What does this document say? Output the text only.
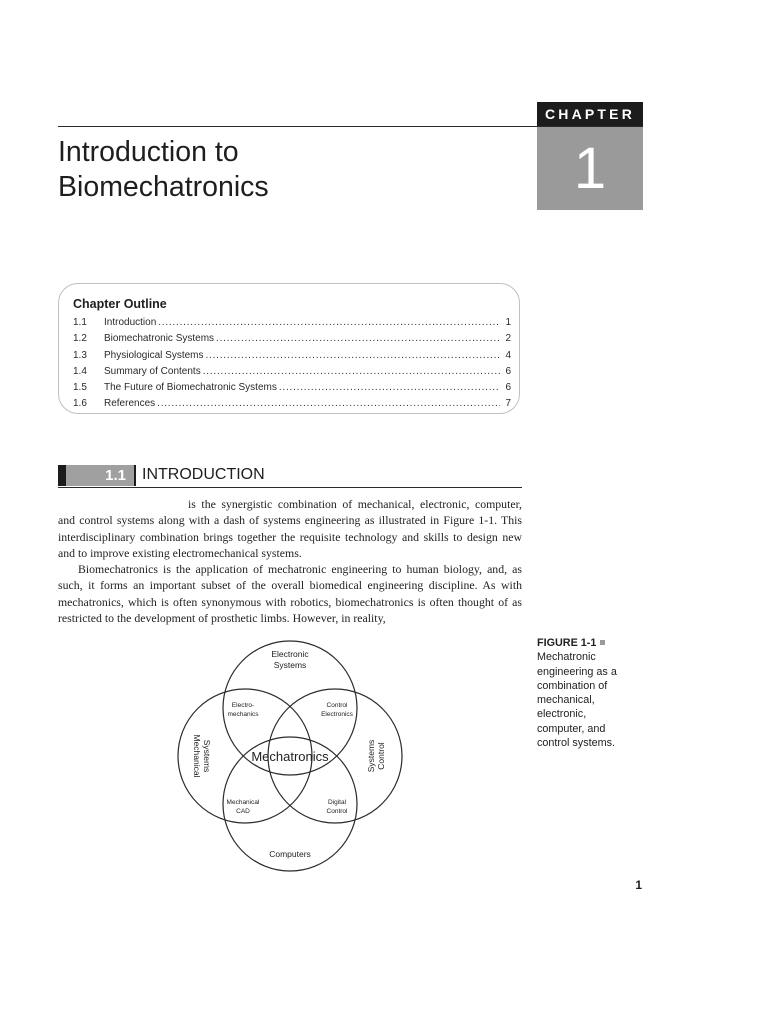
CHAPTER
1
Introduction to
Biomechatronics
Chapter Outline
1.1	Introduction . . .	1
1.2	Biomechatronic Systems . . .	2
1.3	Physiological Systems . . .	4
1.4	Summary of Contents . . .	6
1.5	The Future of Biomechatronic Systems . . .	6
1.6	References . . .	7
1.1	INTRODUCTION

is the synergistic combination of mechanical, electronic, computer, and control systems along with a dash of systems engineering as illustrated in Figure 1-1. This interdisciplinary combination brings together the requisite technology and skills to design new and to improve existing electromechanical systems.

Biomechatronics is the application of mechatronic engineering to human biology, and, as such, it forms an important subset of the overall biomedical engineering discipline. As with mechatronics, which is often synonymous with robotics, biomechatronics is often thought of as restricted to the development of prosthetic limbs. However, in reality,

Mechatronics
Electronic
Systems
Computers
Mechanical Systems	Control
Systems
Electro-
mechanics
Control
Electronics
Mechanical
CAD
Digital
Control
FIGURE 1-1
Mechatronic engineering as a combination of mechanical, electronic, computer, and control systems.
1
